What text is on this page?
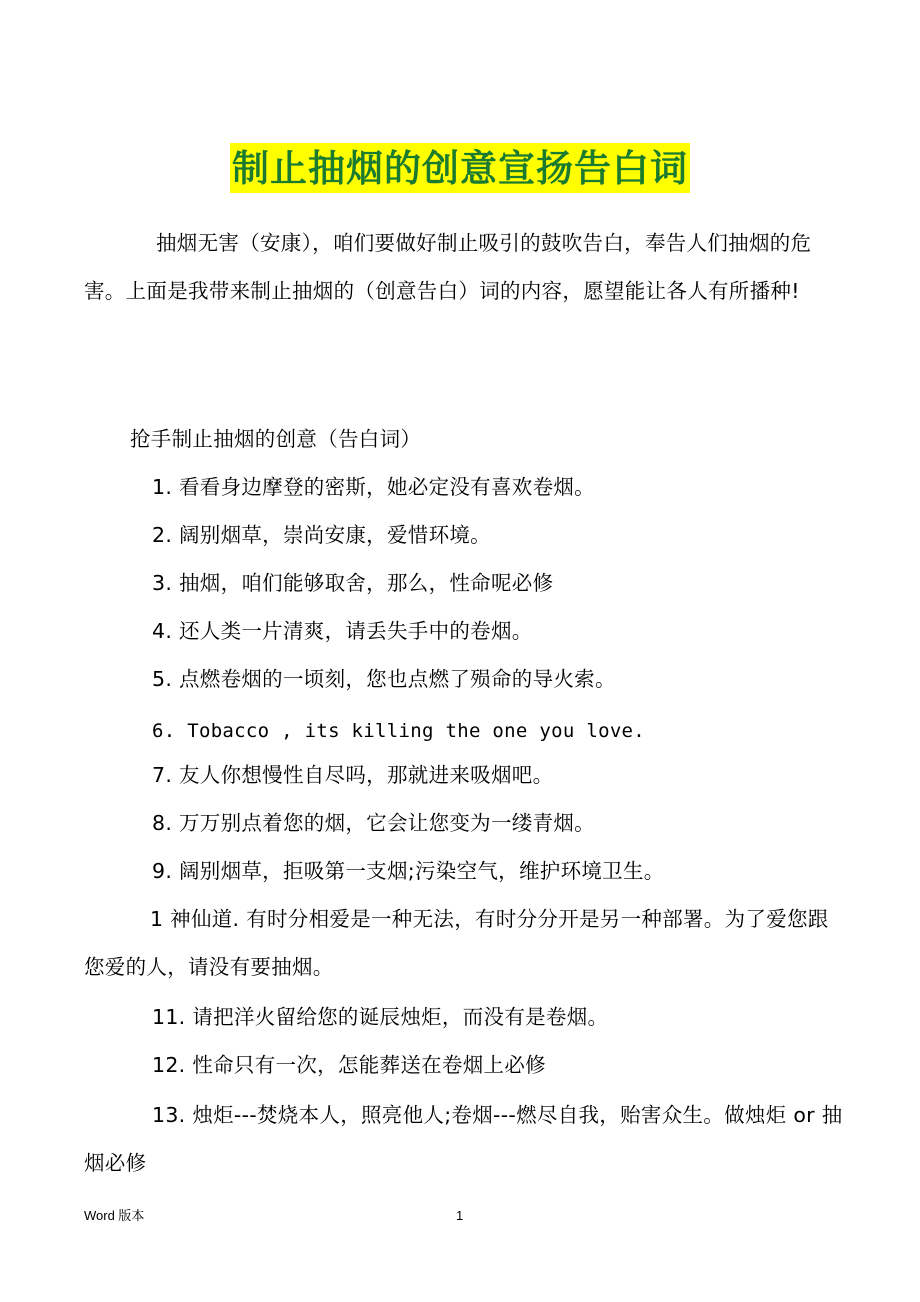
制止抽烟的创意宣扬告白词
抽烟无害（安康），咱们要做好制止吸引的鼓吹告白，奉告人们抽烟的危害。上面是我带来制止抽烟的（创意告白）词的内容，愿望能让各人有所播种!
抢手制止抽烟的创意（告白词）
1. 看看身边摩登的密斯，她必定没有喜欢卷烟。
2. 阔别烟草，崇尚安康，爱惜环境。
3. 抽烟，咱们能够取舍，那么，性命呢必修
4. 还人类一片清爽，请丢失手中的卷烟。
5. 点燃卷烟的一顷刻，您也点燃了殒命的导火索。
6. Tobacco , its killing the one you love.
7. 友人你想慢性自尽吗，那就进来吸烟吧。
8. 万万别点着您的烟，它会让您变为一缕青烟。
9. 阔别烟草，拒吸第一支烟;污染空气，维护环境卫生。
1 神仙道. 有时分相爱是一种无法，有时分分开是另一种部署。为了爱您跟您爱的人，请没有要抽烟。
11. 请把洋火留给您的诞辰烛炬，而没有是卷烟。
12. 性命只有一次，怎能葬送在卷烟上必修
13. 烛炬---焚烧本人，照亮他人;卷烟---燃尽自我，贻害众生。做烛炬 or 抽烟必修
Word 版本	1
